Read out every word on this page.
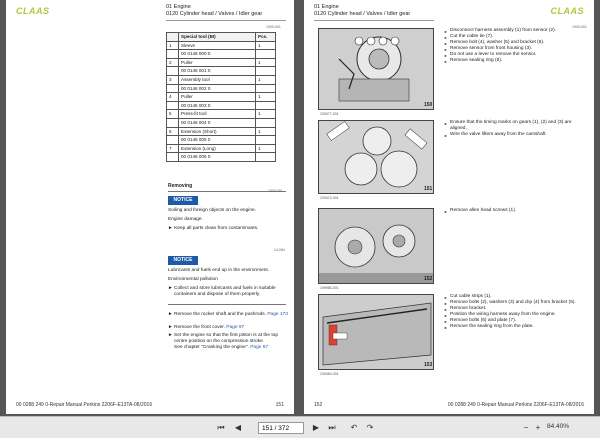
CLAAS	01 Engine
0120 Cylinder head / Valves / Idler gear
1900-001
	Special tool (BI)	Pcs.
1	Sleeve	1
	00 0146 000 0	
2	Puller	1
	00 0146 001 0	
3	Assembly tool	1
	00 0146 002 0	
4	Puller	1
	00 0146 003 0	
5	Press-fit tool	1
	00 0146 004 0	
6	Extension (Short)	1
	00 0146 005 0	
7	Extension (Long)	1
	00 0146 006 0	
Removing
1900-001
NOTICE
Soiling and foreign objects on the engine.
Engine damage.
► Keep all parts clean from contaminants.
14-084
NOTICE
Lubricants and fuels end up in the environment.
Environmental pollution
► Collect and store lubricants and fuels in suitable containers and dispose of them properly.
► Remove the rocker shaft and the pushrods. Page 173
► Remove the front cover. Page 97
► Set the engine so that the first piston is at the top centre position on the compression stroke
See chapter "Cranking the engine". Page 57
00 0288 249 0-Repair Manual Perkins 2206F-E13TA-08/2016	151
01 Engine
0120 Cylinder head / Valves / Idler gear	CLAAS
1900-001
150
230077-001
► Disconnect harness assembly (1) from sensor (2).
► Cut the cable tie (7).
► Remove bolt (4), washer (5) and bracket (6).
► Remove sensor from front housing (3).
► Do not use a lever to remove the sensor.
► Remove sealing ring (8).
151
229370-001
► Ensure that the timing marks on gears (1), (2) and (3) are aligned.
► Wire the valve lifters away from the camshaft.
152
199986-001
► Remove allen head screws (1).
153
230084-001
► Cut cable strips (1).
► Remove bolts (2), washers (3) and clip (4) from bracket (5).
► Remove bracket.
► Position the wiring harness away from the engine.
► Remove bolts (6) and plate (7).
► Remove the sealing ring from the plate.
152	00 0288 249 0-Repair Manual Perkins 2206F-E13TA-08/2016
⏮	◀
151 / 372	▶	⏭	↶	↷	− +	84.40%
